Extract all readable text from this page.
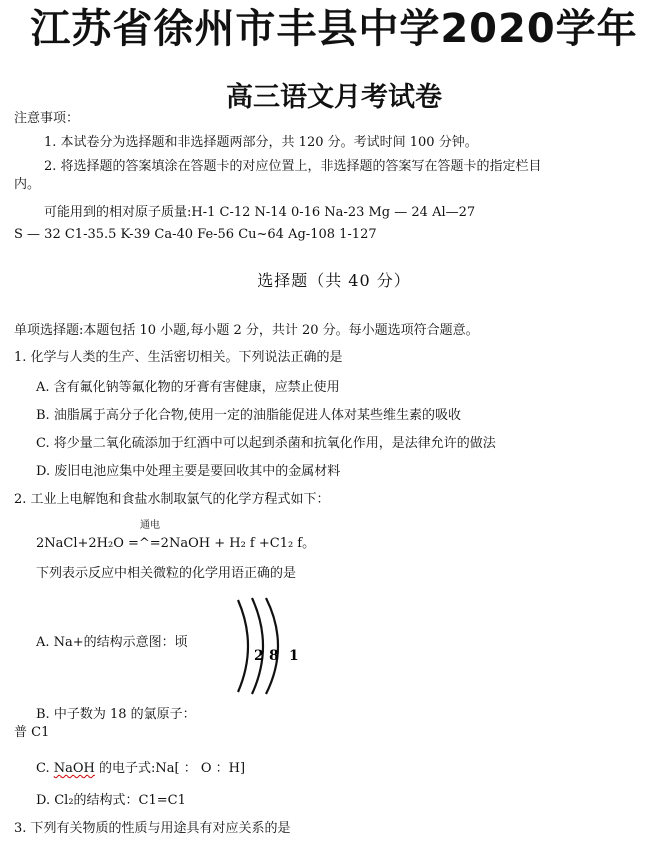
江苏省徐州市丰县中学2020学年
高三语文月考试卷
注意事项：
1. 本试卷分为选择题和非选择题两部分，共 120 分。考试时间 100 分钟。
2. 将选择题的答案填涂在答题卡的对应位置上，非选择题的答案写在答题卡的指定栏目
内。
可能用到的相对原子质量:H-1 C-12 N-14 0-16 Na-23 Mg — 24 Al—27
S — 32 C1-35.5 K-39 Ca-40 Fe-56 Cu~64 Ag-108 1-127
选择题（共 40 分）
单项选择题:本题包括 10 小题,每小题 2 分，共计 20 分。每小题选项符合题意。
1. 化学与人类的生产、生活密切相关。下列说法正确的是
A. 含有氟化钠等氟化物的牙膏有害健康，应禁止使用
B. 油脂属于高分子化合物,使用一定的油脂能促进人体对某些维生素的吸收
C. 将少量二氧化硫添加于红酒中可以起到杀菌和抗氧化作用，是法律允许的做法
D. 废旧电池应集中处理主要是要回收其中的金属材料
2. 工业上电解饱和食盐水制取氯气的化学方程式如下：
通电
2NaCl+2H₂O =^=2NaOH + H₂ f +C1₂ f。
下列表示反应中相关微粒的化学用语正确的是
A. Na+的结构示意图：顷
2 8 1
B. 中子数为 18 的氯原子：
普 C1
C. NaOH 的电子式:Na[ ： O ：H]
D. Cl₂的结构式：C1=C1
3. 下列有关物质的性质与用途具有对应关系的是
